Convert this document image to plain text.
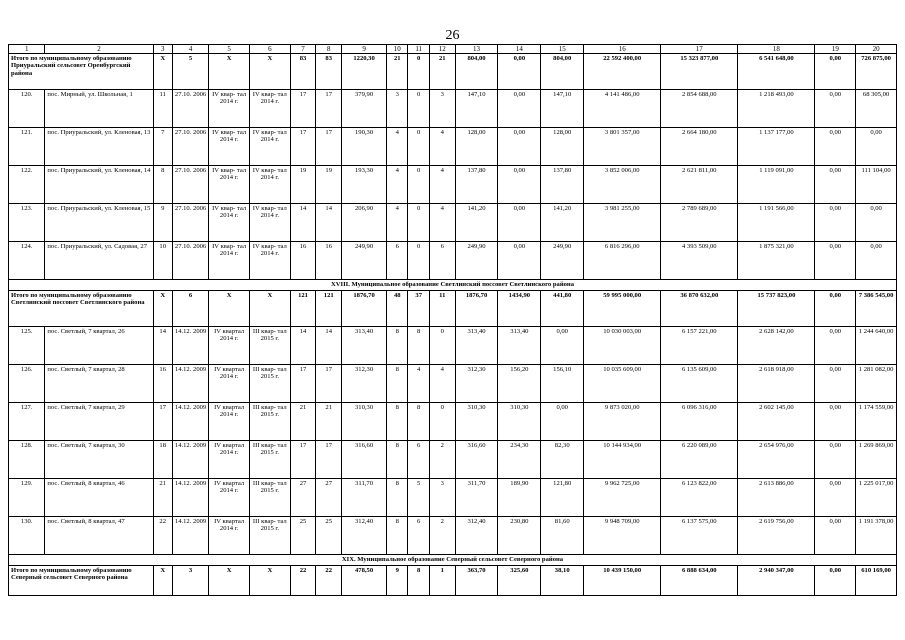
26
1	2	3	4	5	6	7	8	9	10	11	12	13	14	15	16	17	18	19	20
Итого по муниципальному образованию Приуральский сельсовет Оренбургский района		X	5	X	X	83	83	1220,30	21	0	21	804,00	0,00	804,00	22 592 400,00	15 323 877,00	6 541 648,00	0,00	726 875,00
120.	пос. Мирный, ул. Школьная, 1	11	27.10. 2006	IV квар- тал 2014 г.	IV квар- тал 2014 г.	17	17	379,90	3	0	3	147,10	0,00	147,10	4 141 486,00	2 854 688,00	1 218 493,00	0,00	68 305,00
121.	пос. Приуральский, ул. Кленовая, 13	7	27.10. 2006	IV квар- тал 2014 г.	IV квар- тал 2014 г.	17	17	190,30	4	0	4	128,00	0,00	128,00	3 801 357,00	2 664 180,00	1 137 177,00	0,00	0,00
122.	пос. Приуральский, ул. Кленовая, 14	8	27.10. 2006	IV квар- тал 2014 г.	IV квар- тал 2014 г.	19	19	193,30	4	0	4	137,80	0,00	137,80	3 852 006,00	2 621 811,00	1 119 091,00	0,00	111 104,00
123.	пос. Приуральский, ул. Кленовая, 15	9	27.10. 2006	IV квар- тал 2014 г.	IV квар- тал 2014 г.	14	14	206,90	4	0	4	141,20	0,00	141,20	3 981 255,00	2 789 689,00	1 191 566,00	0,00	0,00
124.	пос. Приуральский, ул. Садовая, 27	10	27.10. 2006	IV квар- тал 2014 г.	IV квар- тал 2014 г.	16	16	249,90	6	0	6	249,90	0,00	249,90	6 816 296,00	4 393 509,00	1 875 321,00	0,00	0,00
XVIII. Муниципальное образование Светлинский поссовет Светлинского района																			
Итого по муниципальному образованию Светлинский поссовет Светлинского района		X	6	X	X	121	121	1876,70	48	37	11	1876,70	1434,90	441,80	59 995 000,00	36 870 632,00	15 737 823,00	0,00	7 386 545,00
125.	пос. Светлый, 7 квартал, 26	14	14.12. 2009	IV квартал 2014 г.	III квар- тал 2015 г.	14	14	313,40	8	8	0	313,40	313,40	0,00	10 030 003,00	6 157 221,00	2 628 142,00	0,00	1 244 640,00
126.	пос. Светлый, 7 квартал, 28	16	14.12. 2009	IV квартал 2014 г.	III квар- тал 2015 г.	17	17	312,30	8	4	4	312,30	156,20	156,10	10 035 609,00	6 135 609,00	2 618 918,00	0,00	1 281 082,00
127.	пос. Светлый, 7 квартал, 29	17	14.12. 2009	IV квартал 2014 г.	III квар- тал 2015 г.	21	21	310,30	8	8	0	310,30	310,30	0,00	9 873 020,00	6 096 316,00	2 602 145,00	0,00	1 174 559,00
128.	пос. Светлый, 7 квартал, 30	18	14.12. 2009	IV квартал 2014 г.	III квар- тал 2015 г.	17	17	316,60	8	6	2	316,60	234,30	82,30	10 144 934,00	6 220 089,00	2 654 976,00	0,00	1 269 869,00
129.	пос. Светлый, 8 квартал, 46	21	14.12. 2009	IV квартал 2014 г.	III квар- тал 2015 г.	27	27	311,70	8	5	3	311,70	189,90	121,80	9 962 725,00	6 123 822,00	2 613 886,00	0,00	1 225 017,00
130.	пос. Светлый, 8 квартал, 47	22	14.12. 2009	IV квартал 2014 г.	III квар- тал 2015 г.	25	25	312,40	8	6	2	312,40	230,80	81,60	9 948 709,00	6 137 575,00	2 619 756,00	0,00	1 191 378,00
XIX. Муниципальное образование Северный сельсовет Северного района																			
Итого по муниципальному образованию Северный сельсовет Северного района		X	3	X	X	22	22	478,50	9	8	1	363,70	325,60	38,10	10 439 150,00	6 888 634,00	2 940 347,00	0,00	610 169,00
